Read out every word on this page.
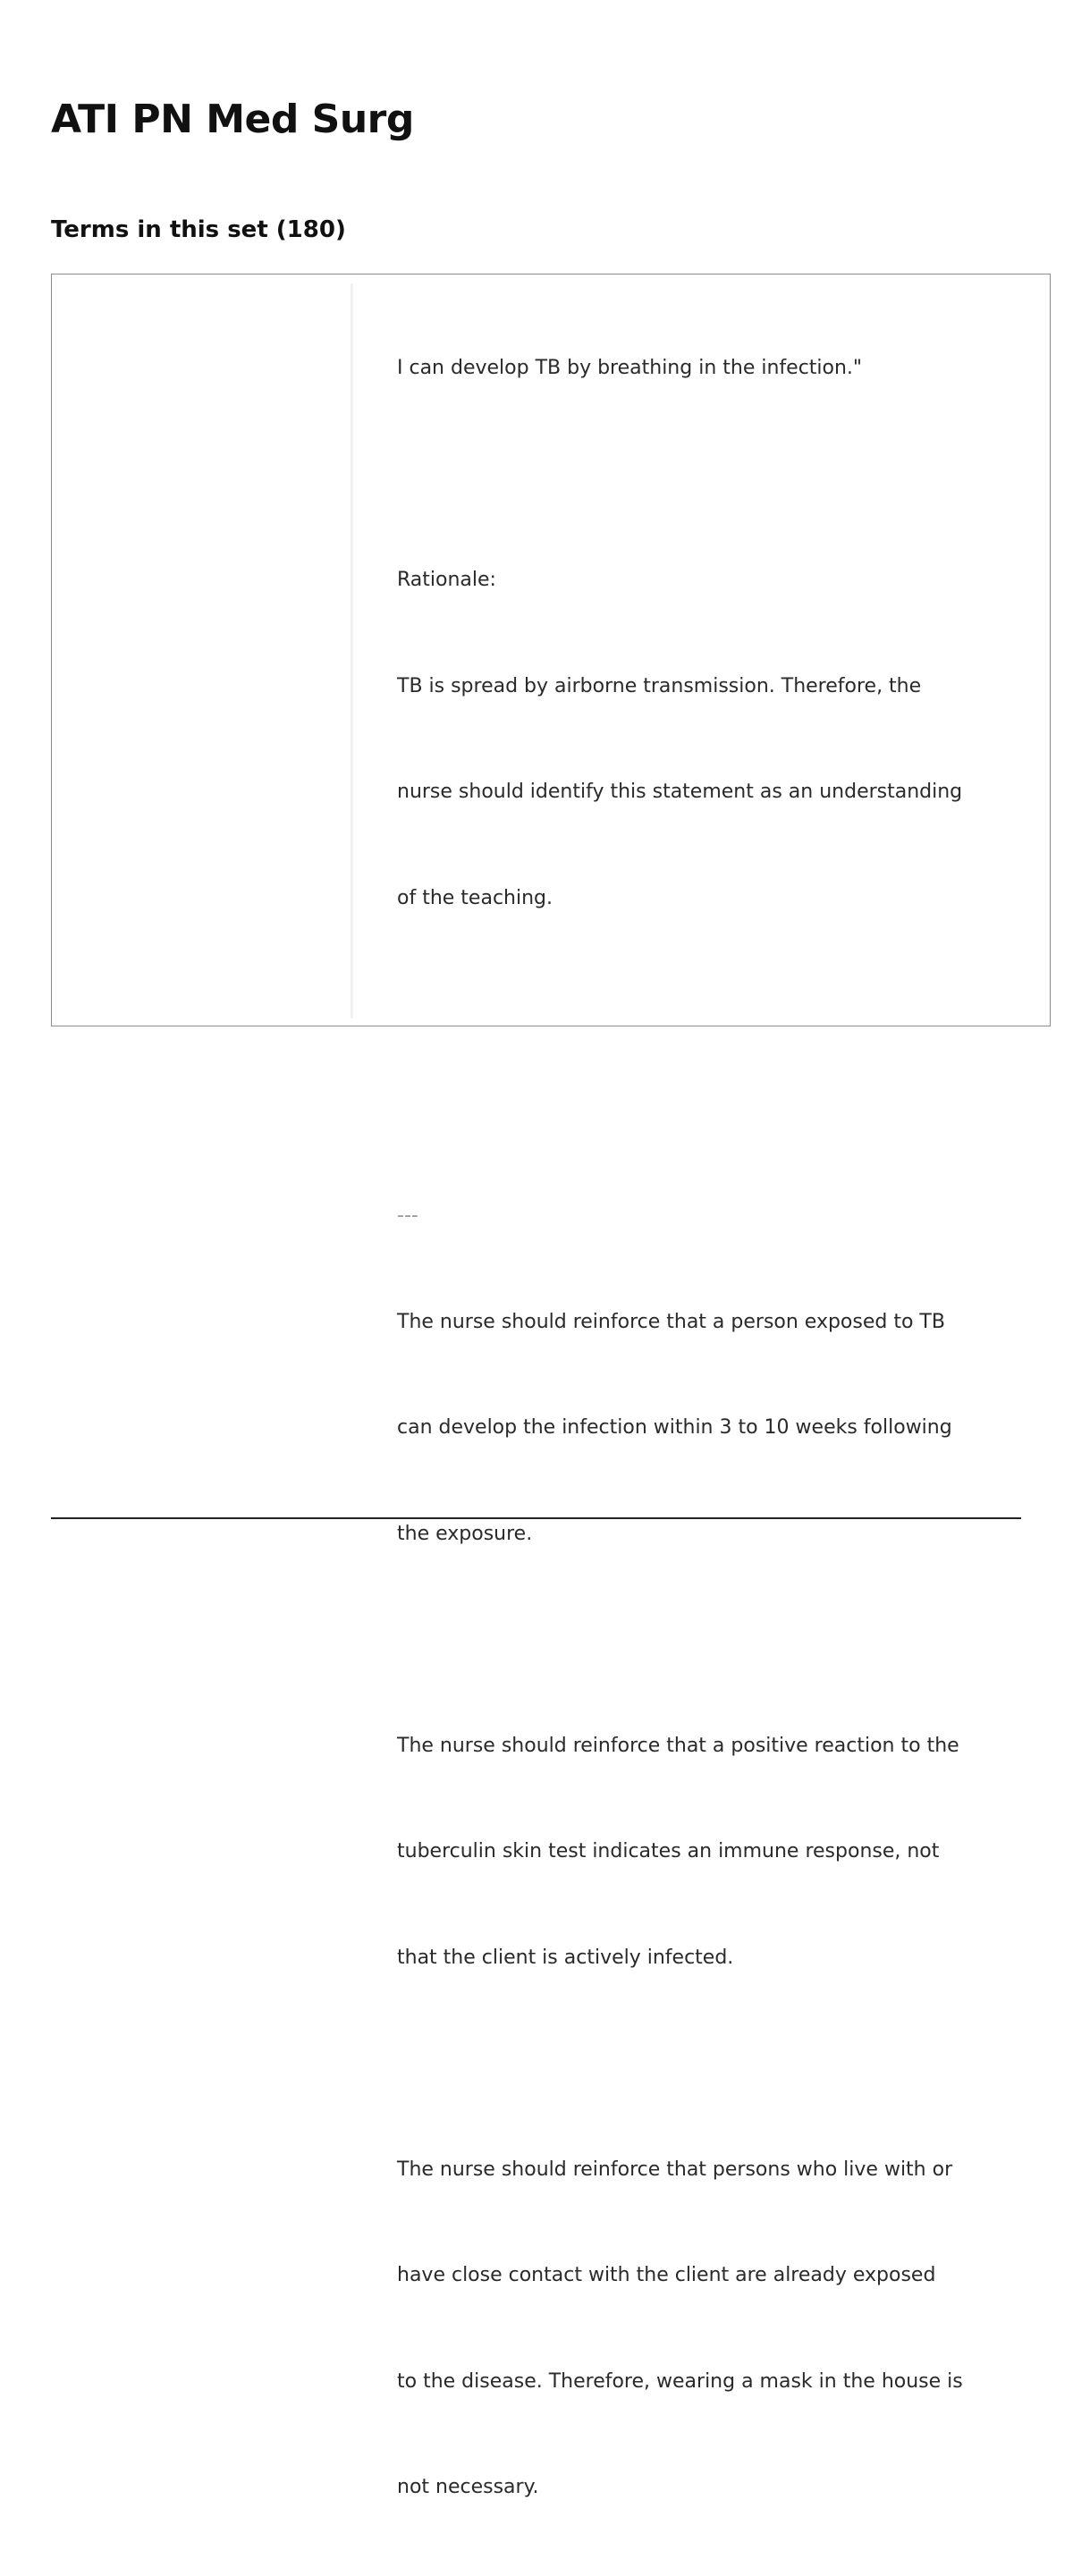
ATI PN Med Surg
Terms in this set (180)

I can develop TB by breathing in the infection."

Rationale:

TB is spread by airborne transmission. Therefore, the

nurse should identify this statement as an understanding

of the teaching.

---

The nurse should reinforce that a person exposed to TB

can develop the infection within 3 to 10 weeks following

the exposure.

The nurse should reinforce that a positive reaction to the

tuberculin skin test indicates an immune response, not

that the client is actively infected.

The nurse should reinforce that persons who live with or

have close contact with the client are already exposed

to the disease. Therefore, wearing a mask in the house is

not necessary.
